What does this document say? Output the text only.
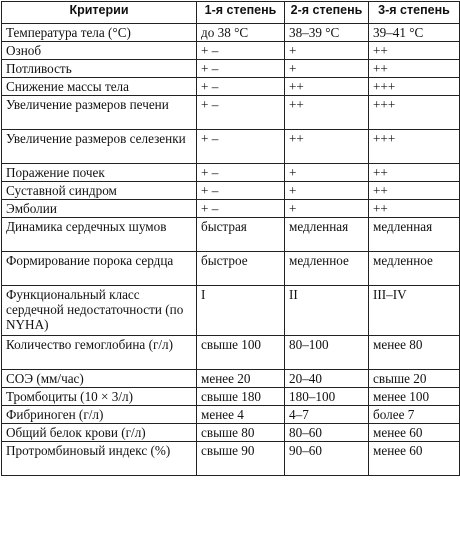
Критерии	1-я степень	2-я степень	3-я степень
Температура тела (°С)	до 38 °С	38–39 °С	39–41 °С
Озноб	+ –	+	++
Потливость	+ –	+	++
Снижение массы тела	+ –	++	+++
Увеличение размеров печени	+ –	++	+++
Увеличение размеров селезенки	+ –	++	+++
Поражение почек	+ –	+	++
Суставной синдром	+ –	+	++
Эмболии	+ –	+	++
Динамика сердечных шумов	быстрая	медленная	медленная
Формирование порока сердца	быстрое	медленное	медленное
Функциональный класс сердечной недостаточности (по NYHA)	I	II	III–IV
Количество гемоглобина (г/л)	свыше 100	80–100	менее 80
СОЭ (мм/час)	менее 20	20–40	свыше 20
Тромбоциты (10 × 3/л)	свыше 180	180–100	менее 100
Фибриноген (г/л)	менее 4	4–7	более 7
Общий белок крови (г/л)	свыше 80	80–60	менее 60
Протромбиновый индекс (%)	свыше 90	90–60	менее 60
